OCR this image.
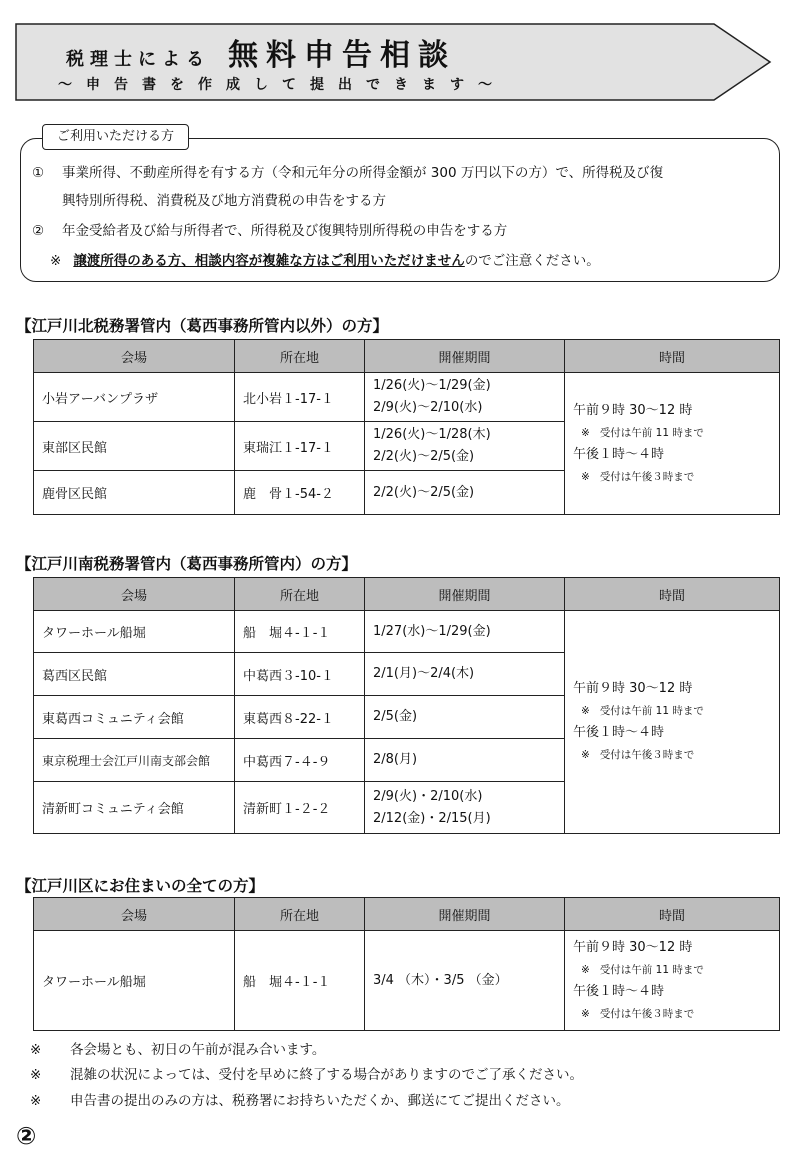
税理士による 無料申告相談
～申告書を作成して提出できます～
ご利用いただける方
① 事業所得、不動産所得を有する方（令和元年分の所得金額が 300 万円以下の方）で、所得税及び復
興特別所得税、消費税及び地方消費税の申告をする方
② 年金受給者及び給与所得者で、所得税及び復興特別所得税の申告をする方
※ 譲渡所得のある方、相談内容が複雑な方はご利用いただけませんのでご注意ください。
【江戸川北税務署管内（葛西事務所管内以外）の方】
会場	所在地	開催期間	時間
小岩アーバンプラザ	北小岩１-17-１	1/26(火)～1/29(金)
2/9(火)～2/10(水)	午前９時 30～12 時
※ 受付は午前 11 時まで
午後１時～４時
※ 受付は午後３時まで

東部区民館	東瑞江１-17-１	1/26(火)～1/28(木)
2/2(火)～2/5(金)	

鹿骨区民館	鹿　骨１-54-２	2/2(火)～2/5(金)	
【江戸川南税務署管内（葛西事務所管内）の方】
会場	所在地	開催期間	時間
タワーホール船堀	船　堀４-１-１	1/27(水)～1/29(金)	午前９時 30～12 時
※ 受付は午前 11 時まで
午後１時～４時
※ 受付は午後３時まで

葛西区民館	中葛西３-10-１	2/1(月)～2/4(木)	
東葛西コミュニティ会館	東葛西８-22-１	2/5(金)	
東京税理士会江戸川南支部会館	中葛西７-４-９	2/8(月)	
清新町コミュニティ会館	清新町１-２-２	2/9(火)・2/10(水)
2/12(金)・2/15(月)	
【江戸川区にお住まいの全ての方】
会場	所在地	開催期間	時間
タワーホール船堀	船　堀４-１-１	3/4 （木）・3/5 （金）	午前９時 30～12 時
※ 受付は午前 11 時まで
午後１時～４時
※ 受付は午後３時まで
※ 各会場とも、初日の午前が混み合います。
※ 混雑の状況によっては、受付を早めに終了する場合がありますのでご了承ください。
※ 申告書の提出のみの方は、税務署にお持ちいただくか、郵送にてご提出ください。
②
